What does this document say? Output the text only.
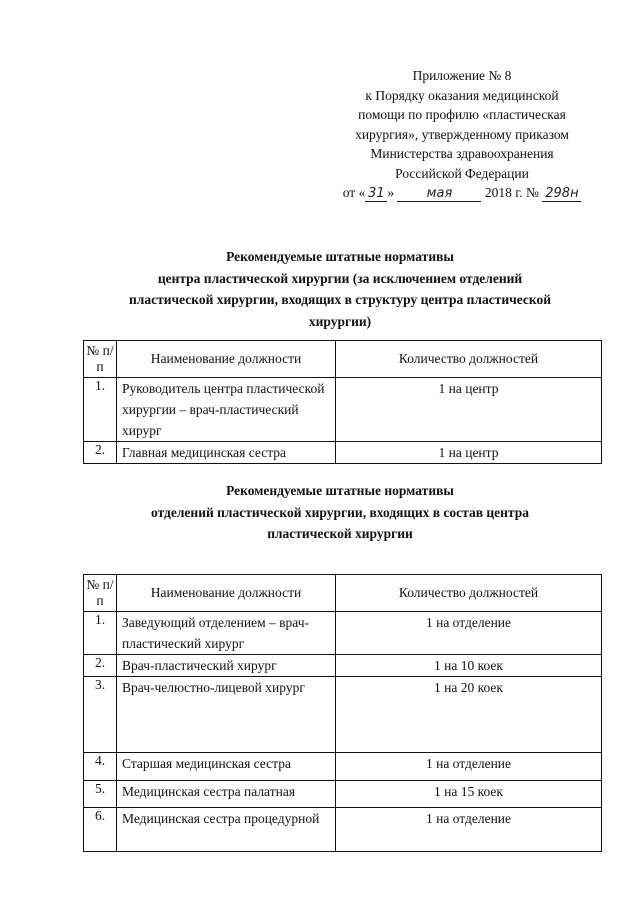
Приложение № 8
к Порядку оказания медицинской
помощи по профилю «пластическая
хирургия», утвержденному приказом
Министерства здравоохранения
Российской Федерации
от « 31 »	мая 2018 г. № 298н
Рекомендуемые штатные нормативы
центра пластической хирургии (за исключением отделений
пластической хирургии, входящих в структуру центра пластической
хирургии)
№ п/п	Наименование должности	Количество должностей
1.	Руководитель центра пластической хирургии – врач-пластический хирург	1 на центр
2.	Главная медицинская сестра	1 на центр
Рекомендуемые штатные нормативы
отделений пластической хирургии, входящих в состав центра
пластической хирургии
№ п/п	Наименование должности	Количество должностей
1.	Заведующий отделением – врач-пластический хирург	1 на отделение
2.	Врач-пластический хирург	1 на 10 коек
3.	Врач-челюстно-лицевой хирург	1 на 20 коек
4.	Старшая медицинская сестра	1 на отделение
5.	Медицинская сестра палатная	1 на 15 коек
6.	Медицинская сестра процедурной	1 на отделение
